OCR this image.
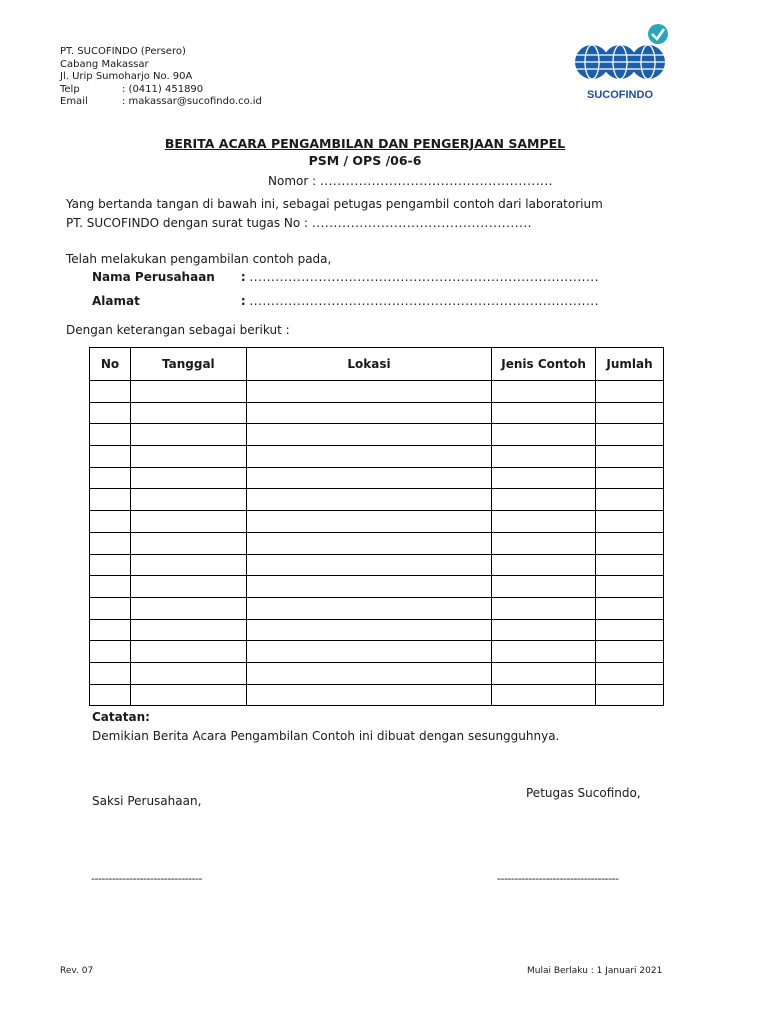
PT. SUCOFINDO (Persero)
Cabang Makassar
Jl. Urip Sumoharjo No. 90A
Telp	: (0411) 451890
Email	: makassar@sucofindo.co.id
SUCOFINDO
BERITA ACARA PENGAMBILAN DAN PENGERJAAN SAMPEL
PSM / OPS /06-6
Nomor : ......................................................
Yang bertanda tangan di bawah ini, sebagai petugas pengambil contoh dari laboratorium
PT. SUCOFINDO dengan surat tugas No : ...................................................
Telah melakukan pengambilan contoh pada,
Nama Perusahaan : .................................................................................
Alamat	: .................................................................................
Dengan keterangan sebagai berikut :
No	Tanggal	Lokasi	Jenis Contoh	Jumlah

Catatan:
Demikian Berita Acara Pengambilan Contoh ini dibuat dengan sesungguhnya.
Saksi Perusahaan,
Petugas Sucofindo,
--------------------------------	-----------------------------------
Rev. 07	Mulai Berlaku : 1 Januari 2021
